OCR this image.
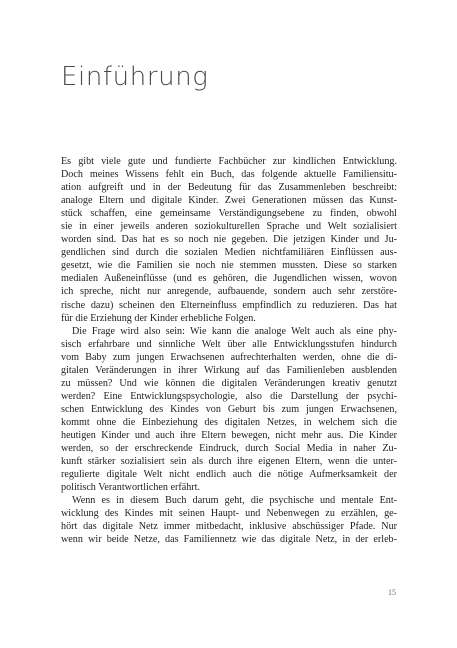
Einführung
Es gibt viele gute und fundierte Fachbücher zur kindlichen Entwicklung.
Doch meines Wissens fehlt ein Buch, das folgende aktuelle Familiensitu-
ation aufgreift und in der Bedeutung für das Zusammenleben beschreibt:
analoge Eltern und digitale Kinder. Zwei Generationen müssen das Kunst-
stück schaffen, eine gemeinsame Verständigungsebene zu finden, obwohl
sie in einer jeweils anderen soziokulturellen Sprache und Welt sozialisiert
worden sind. Das hat es so noch nie gegeben. Die jetzigen Kinder und Ju-
gendlichen sind durch die sozialen Medien nichtfamiliären Einflüssen aus-
gesetzt, wie die Familien sie noch nie stemmen mussten. Diese so starken
medialen Außeneinflüsse (und es gehören, die Jugendlichen wissen, wovon
ich spreche, nicht nur anregende, aufbauende, sondern auch sehr zerstöre-
rische dazu) scheinen den Elterneinfluss empfindlich zu reduzieren. Das hat
für die Erziehung der Kinder erhebliche Folgen.
Die Frage wird also sein: Wie kann die analoge Welt auch als eine phy-
sisch erfahrbare und sinnliche Welt über alle Entwicklungsstufen hindurch
vom Baby zum jungen Erwachsenen aufrechterhalten werden, ohne die di-
gitalen Veränderungen in ihrer Wirkung auf das Familienleben ausblenden
zu müssen? Und wie können die digitalen Veränderungen kreativ genutzt
werden? Eine Entwicklungspsychologie, also die Darstellung der psychi-
schen Entwicklung des Kindes von Geburt bis zum jungen Erwachsenen,
kommt ohne die Einbeziehung des digitalen Netzes, in welchem sich die
heutigen Kinder und auch ihre Eltern bewegen, nicht mehr aus. Die Kinder
werden, so der erschreckende Eindruck, durch Social Media in naher Zu-
kunft stärker sozialisiert sein als durch ihre eigenen Eltern, wenn die unter-
regulierte digitale Welt nicht endlich auch die nötige Aufmerksamkeit der
politisch Verantwortlichen erfährt.
Wenn es in diesem Buch darum geht, die psychische und mentale Ent-
wicklung des Kindes mit seinen Haupt- und Nebenwegen zu erzählen, ge-
hört das digitale Netz immer mitbedacht, inklusive abschüssiger Pfade. Nur
wenn wir beide Netze, das Familiennetz wie das digitale Netz, in der erleb-
15
